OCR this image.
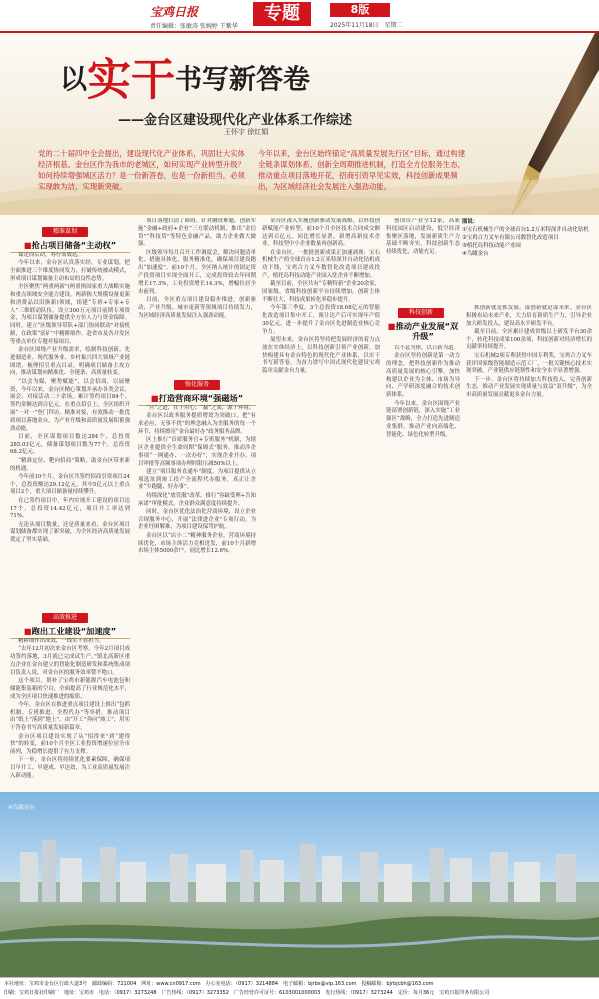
宝鸡日报
责任编辑：张敏涛 张婉婷 王紫华
专题	8版
2025年11月18日　星期二
以实干书写新答卷
——金台区建设现代化产业体系工作综述
王怀宇 徐红娟
党的二十届四中全会提出，建设现代化产业体系，巩固壮大实体经济根基。金台区作为我市的老城区，如何实现产业转型升级？如何持续增强城区活力？是一份新答卷，也是一份新担当，必须实现敢为洁，实现新突破。
今年以来，金台区始终锚定“高质量发展先行区”目标，通过构建全链条谋划体系、创新全周期推进机制，打造全方位服务生态，推动重点项目落地开花，招商引资早见实效，科技创新成果频出，为区域经济社会发展注入强劲动能。
图说：
①宝石机械生产的全球首台1.2万米特深井自动化钻机
②宝鸡合力叉车有限公司数智化改造项目
③植托岛科技动能产业园
④鸟瞰金台
精准谋划
■抢占项目储备“主动权”

谋定而后动，筹行而致远。

今年以来，金台区认真落实经，专业谋划，把全面推进三个维度协同发力，打破传统被动模式，形成项目谋划储备主动布局的良性态势。

全区聚焦“两重两新”(两重指国家重大战略实施和重点领域安全能力建设，两新指大规模设备更新和消费品以旧换新)领域，组建“专班+专家+专人”三维联动队伍，设立300万元项目前期专项资金，为项目谋划储备提供全方位人力与资金保障。同时，建立“区级领导带队+部门协同联动”对接机制，在政策“富矿”中精耕细作，赴省市及各开发区等重点单位专题对接项目。

金台区围绕产业升级需求，绘制科技创新、先进制造业、现代服务业、乡村振兴四大领域产业链图谱，梳理招引重点目录，明确项目储备主攻方向，推动谋划向精准化、全链条、高质量转变。

“以会为媒，聚势赋能”，以会招商，以展聚资，今年以来，金台区精心策划并承办各类会议、展会、对接活动二十余场，累计签约项目84个，签约金额达到百亿元。在重点招引上，全区组织开展“一对一”登门拜访、精准对接，有效推动一批优质项目落地金台，为产业升级和高质量发展积蓄强劲动能。

目前，全区谋划项目数达284个，总投资285.03亿元，储备谋划项目数为77个，总投资68.2亿元。

“精准定位、靶向招商”策略，助金台区带来新的机遇。

今年前10个月，金台区共签约招商引资项目24个，总投资额达29.12亿元，其中5亿元以上重点项目2个，重大项目储备量持续攀升。

在已签约项目中，年内实现开工建设的项目达17个，总投资14.42亿元，项目开工率达到71%。

无论从项目数量，还是质量来看，金台区项目谋划储备都实现了新突破，为全区经济高质量发展奠定了坚实基础。

高效推进
■跑出工业建设“加速度”

精耕细作出成效，一线实干显担当。

“去年12月初次来金台区考察，今年2月项目成功签约落地，3月就已完成试生产。”镇北高新区重点企业在金台建立的智能化制造研发和系统集成项目负责人说，对金台区的服务效率赞不绝口。

这个项目，填补了宝鸡市新能源汽车电池包和储能集装箱的空白，全面提高了行业规范化水平，成为全区项目快速推进的缩影。

今年，金台区在推进重点项目建设上推出“包抓机制、专班推进、全程代办”等举措，推动项目由“纸上”落到“地上”，由“开工”奔向“竣工”，用实干答卷书写高质量发展新篇章。

金台区项目建设实现了从“招得来”到“建得快”的转变，前10个月全区工业投资增速位居全市前列，为稳增长提供了有力支撑。

下一步，金台区将持续优化要素保障，确保项目早开工、早建成、早达效，为工业高质量发展注入新动能。

项目落地扫清了障碍。针对融资难题，创新实施“金融+政府+企业”三方联动机制，推出“金信贷”“科技贷”等特色金融产品，助力企业做大做强。

区级领导每月召开工作调度会，解决问题清单化、措施具体化、服务精准化，确保项目建设跑出“加速度”。前10个月，全区纳入统计的固定资产投资项目实现全面开工，完成投资较去年同期增长17.3%，工业投资增长14.3%，增幅位居全市前列。

目前，全区重点项目建设稳步推进，创新驱动、产业升级、城市更新等领域项目持续发力，为区域经济高质量发展注入强劲动能。

强化服务
■打造营商环境“强磁场”

“营”之道，在于用心；“赢”之果，源于环境。

金台区以政务服务提质增效为突破口，把“有求必应、无事不扰”的理念融入为企服务的每一个环节，持续擦亮“金台最好办”政务服务品牌。

区上推行“首席服务官+专班服务”机制，为辖区企业提供全生命周期“保姆式”服务，推动涉企事项“一网通办、一次办好”，实现企业开办、项目审批等高频事项办理时限压减50%以上。

建立“项目服务直通车”制度，为项目提供从立项选址到竣工投产全流程代办服务，真正让企业“少跑腿、好办事”。

持续深化“放管服”改革，推行“容缺受理+告知承诺”审批模式，企业群众满意度持续提升。

同时，金台区优化法治化营商环境，设立企业合规服务中心，开展“法律进企业”专项行动，为企业纾困解难，为项目建设保驾护航。

金台区以“店小二”精神服务企业，营商环境持续优化，市场主体活力竞相迸发，前10个月新增市场主体5000余户，同比增长12.6%。

金台区深入实施创新驱动发展战略，以科技创新赋能产业转型。前10个月全区技术合同成交额达到百亿元，同比增长显著，新增高新技术企业、科技型中小企业数量再创新高。

在金台区，一批批创新成果正加速涌现：宝石机械生产的全球首台1.2万米特深井自动化钻机成功下线，宝鸡合力叉车数智化改造项目建成投产，植托岛科技动能产业园入驻企业不断增加。

截至目前，全区共有“专精特新”企业20余家，国家级、省级科技创新平台持续增加，创新主体不断壮大，科技成果转化率稳步提升。

今年第三季度，3个总投资18.68亿元的智能化改造项目集中开工，预计达产后可实现年产值30亿元，进一步提升了金台区先进制造业核心竞争力。

展望未来，金台区将坚持把发展经济的着力点放在实体经济上，以科技创新引领产业创新，加快构建具有金台特色的现代化产业体系，以实干书写新答卷，为奋力谱写中国式现代化建设宝鸡篇章贡献金台力量。

创国库产业全12家，高新科技园区启动建设，低空经济集聚区落地，发展新质生产力基础不断夯实，科技创新生态持续优化，动能充足。

科技创新
■推动产业发展“双升级”

以不息为体，以日新为道。

金台区坚持创新是第一动力的理念，把科技创新作为推动高质量发展的核心引擎，加快构建以企业为主体、市场为导向、产学研深度融合的技术创新体系。

今年以来，金台区围绕产业链部署创新链，深入实施“工业强区”战略，全力打造先进制造业集群，推动产业向高端化、智能化、绿色化转型升级。

抓创新就是抓发展，谋创新就是谋未来。金台区积极布局未来产业，大力培育新质生产力，引导企业加大研发投入，建设高水平研发平台。

截至目前，全区累计建成省级以上研发平台30余个，转化科技成果100余项，科技创新对经济增长的贡献率持续提升。

宝石机械2项专利获得中国专利奖，宝鸡合力叉车获评国家级智能制造示范工厂，一批关键核心技术实现突破，产业链供应链韧性和安全水平显著增强。

下一步，金台区将持续加大科技投入，完善创新生态，推动产业发展实现质量与效益“双升级”，为全市高质量发展贡献更多金台力量。

④鸟瞰金台
本社地址：宝鸡市金台区行政大道3号　邮政编码：721004　网址：www.cn0917.com　办公室电话：（0917）3214884　电子邮箱：bjrbs@vip.163.com　投稿邮箱：bjrbjcbh@163.com
印刷：宝鸡日报社印刷厂　地址：宝鸡市　电话：（0917）3273248　广告热线：（0917）3273352　广告经营许可证号：6103001000003　发行热线：（0917）3273244　定价：每月36元　宝鸡日报印务有限公司
